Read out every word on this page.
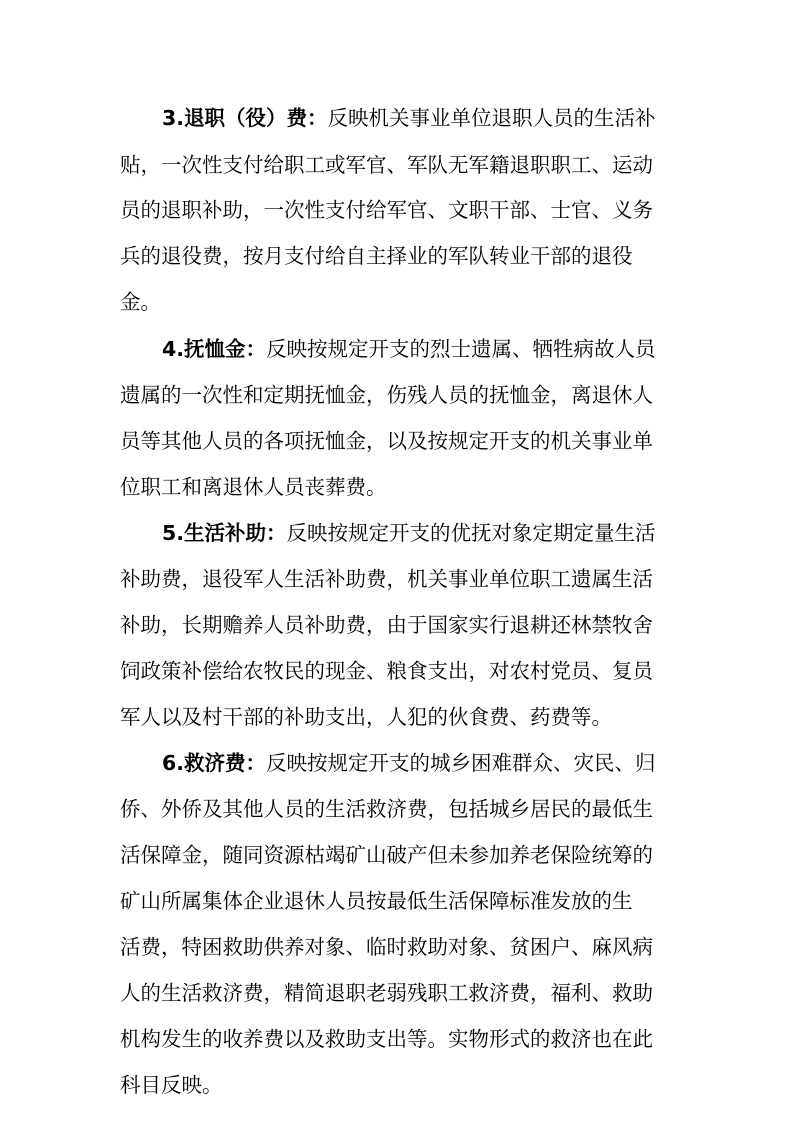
3.退职（役）费：反映机关事业单位退职人员的生活补
贴，一次性支付给职工或军官、军队无军籍退职职工、运动
员的退职补助，一次性支付给军官、文职干部、士官、义务
兵的退役费，按月支付给自主择业的军队转业干部的退役
金。
4.抚恤金：反映按规定开支的烈士遗属、牺牲病故人员
遗属的一次性和定期抚恤金，伤残人员的抚恤金，离退休人
员等其他人员的各项抚恤金，以及按规定开支的机关事业单
位职工和离退休人员丧葬费。
5.生活补助：反映按规定开支的优抚对象定期定量生活
补助费，退役军人生活补助费，机关事业单位职工遗属生活
补助，长期赡养人员补助费，由于国家实行退耕还林禁牧舍
饲政策补偿给农牧民的现金、粮食支出，对农村党员、复员
军人以及村干部的补助支出，人犯的伙食费、药费等。
6.救济费：反映按规定开支的城乡困难群众、灾民、归
侨、外侨及其他人员的生活救济费，包括城乡居民的最低生
活保障金，随同资源枯竭矿山破产但未参加养老保险统筹的
矿山所属集体企业退休人员按最低生活保障标准发放的生
活费，特困救助供养对象、临时救助对象、贫困户、麻风病
人的生活救济费，精简退职老弱残职工救济费，福利、救助
机构发生的收养费以及救助支出等。实物形式的救济也在此
科目反映。
